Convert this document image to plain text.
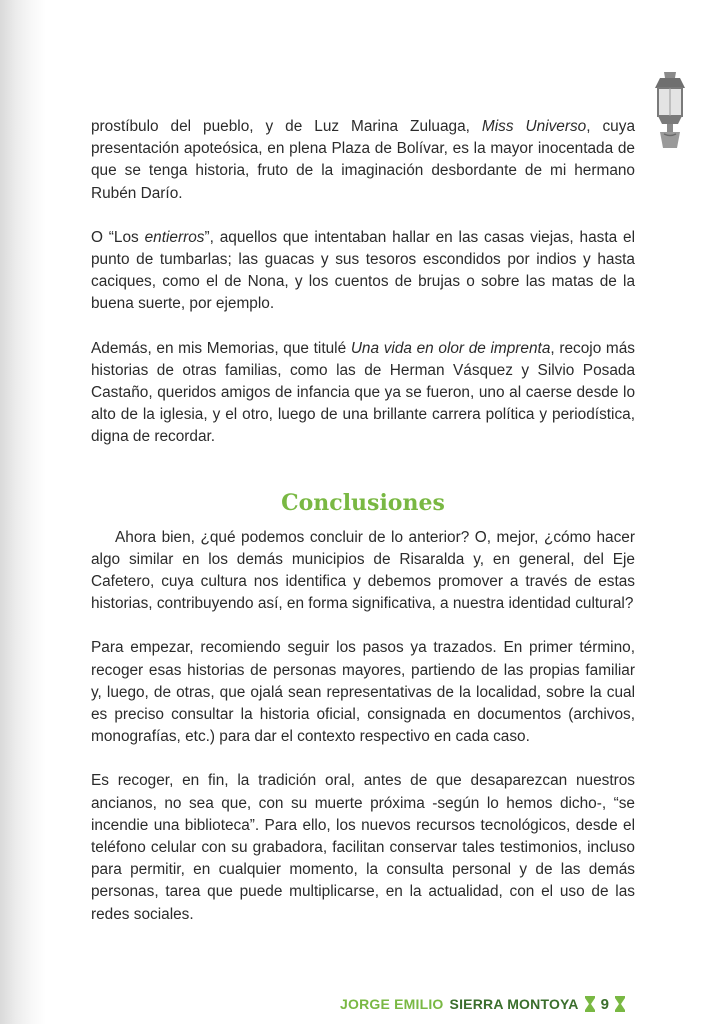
prostíbulo del pueblo, y de Luz Marina Zuluaga, Miss Universo, cuya presentación apoteósica, en plena Plaza de Bolívar, es la mayor inocentada de que se tenga historia, fruto de la imaginación desbordante de mi hermano Rubén Darío.

O “Los entierros”, aquellos que intentaban hallar en las casas viejas, hasta el punto de tumbarlas; las guacas y sus tesoros escondidos por indios y hasta caciques, como el de Nona, y los cuentos de brujas o sobre las matas de la buena suerte, por ejemplo.

Además, en mis Memorias, que titulé Una vida en olor de imprenta, recojo más historias de otras familias, como las de Herman Vásquez y Silvio Posada Castaño, queridos amigos de infancia que ya se fueron, uno al caerse desde lo alto de la iglesia, y el otro, luego de una brillante carrera política y periodística, digna de recordar.

Conclusiones

Ahora bien, ¿qué podemos concluir de lo anterior? O, mejor, ¿cómo hacer algo similar en los demás municipios de Risaralda y, en general, del Eje Cafetero, cuya cultura nos identifica y debemos promover a través de estas historias, contribuyendo así, en forma significativa, a nuestra identidad cultural?

Para empezar, recomiendo seguir los pasos ya trazados. En primer término, recoger esas historias de personas mayores, partiendo de las propias familiar y, luego, de otras, que ojalá sean representativas de la localidad, sobre la cual es preciso consultar la historia oficial, consignada en documentos (archivos, monografías, etc.) para dar el contexto respectivo en cada caso.

Es recoger, en fin, la tradición oral, antes de que desaparezcan nuestros ancianos, no sea que, con su muerte próxima -según lo hemos dicho-, “se incendie una biblioteca”. Para ello, los nuevos recursos tecnológicos, desde el teléfono celular con su grabadora, facilitan conservar tales testimonios, incluso para permitir, en cualquier momento, la consulta personal y de las demás personas, tarea que puede multiplicarse, en la actualidad, con el uso de las redes sociales.

JORGE EMILIO SIERRA MONTOYA 9
